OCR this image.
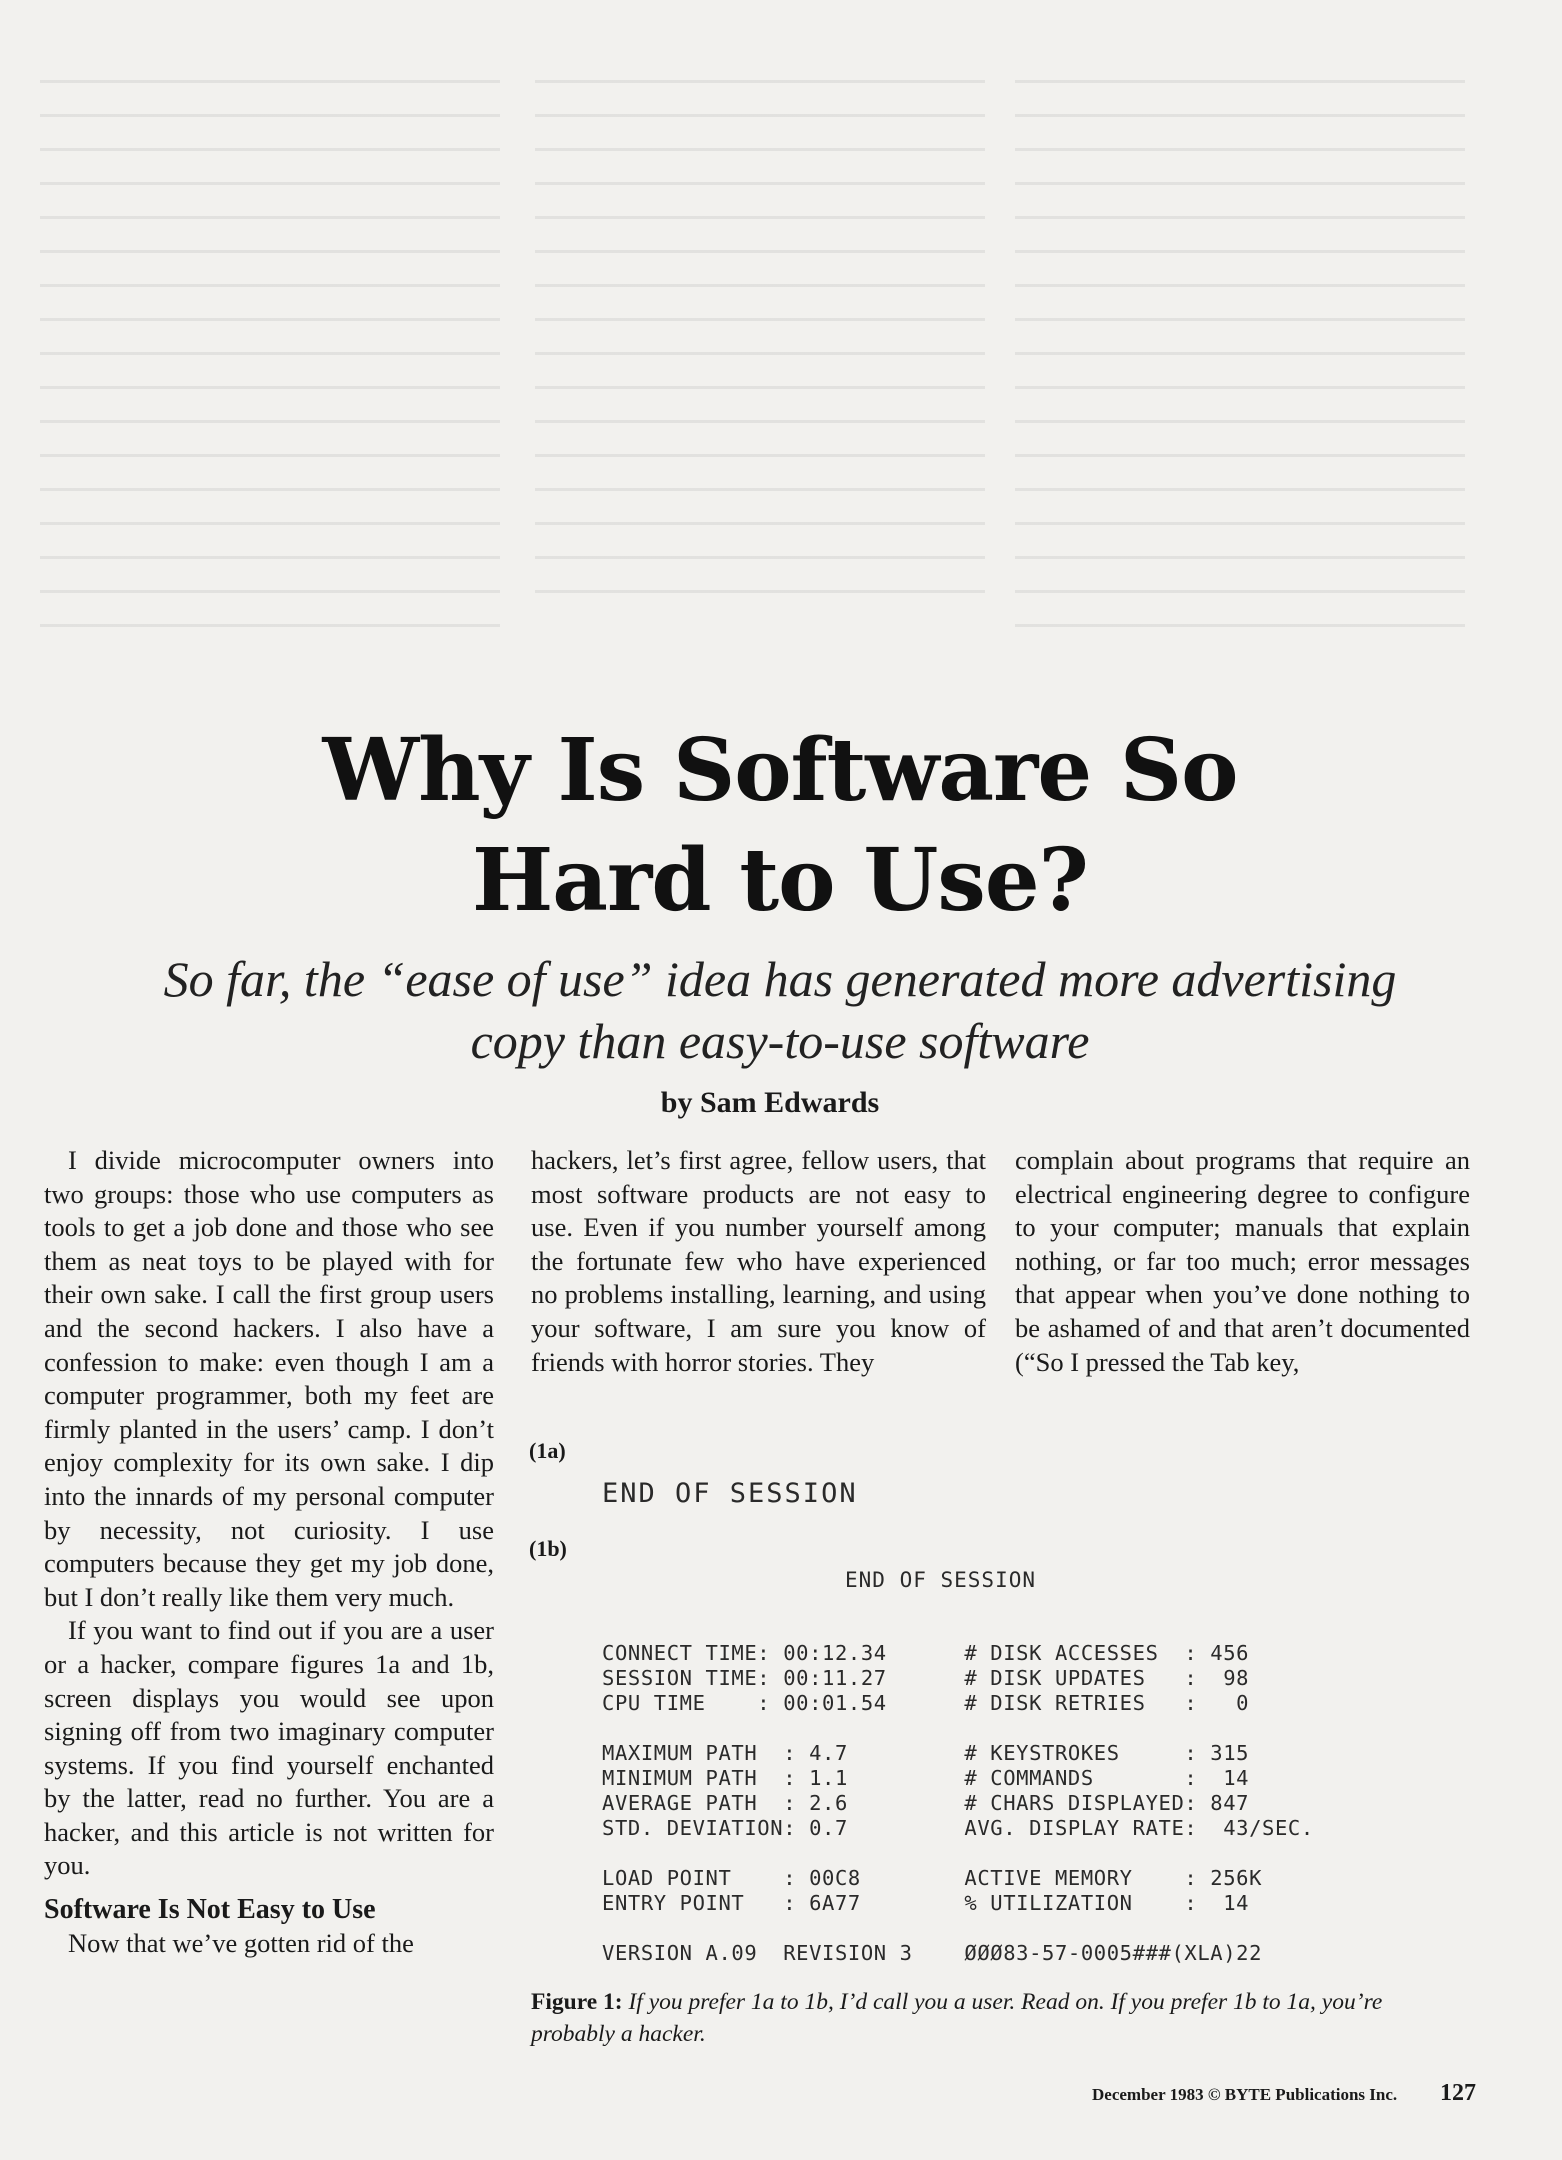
Why Is Software So
Hard to Use?
So far, the “ease of use” idea has generated more advertising
copy than easy-to-use software
by Sam Edwards

I divide microcomputer owners into two groups: those who use computers as tools to get a job done and those who see them as neat toys to be played with for their own sake. I call the first group users and the second hackers. I also have a confession to make: even though I am a computer programmer, both my feet are firmly planted in the users’ camp. I don’t enjoy complexity for its own sake. I dip into the innards of my personal computer by necessity, not curiosity. I use computers because they get my job done, but I don’t really like them very much.

If you want to find out if you are a user or a hacker, compare figures 1a and 1b, screen displays you would see upon signing off from two imaginary computer systems. If you find yourself enchanted by the latter, read no further. You are a hacker, and this article is not written for you.

Software Is Not Easy to Use

Now that we’ve gotten rid of the

hackers, let’s first agree, fellow users, that most software products are not easy to use. Even if you number yourself among the fortunate few who have experienced no problems installing, learning, and using your software, I am sure you know of friends with horror stories. They

complain about programs that require an electrical engineering degree to configure to your computer; manuals that explain nothing, or far too much; error messages that appear when you’ve done nothing to be ashamed of and that aren’t documented (“So I pressed the Tab key,

(1a)
END OF SESSION
(1b)
END OF SESSION
CONNECT TIME: 00:12.34      # DISK ACCESSES  : 456
SESSION TIME: 00:11.27      # DISK UPDATES   :  98
CPU TIME    : 00:01.54      # DISK RETRIES   :   0

MAXIMUM PATH  : 4.7         # KEYSTROKES     : 315
MINIMUM PATH  : 1.1         # COMMANDS       :  14
AVERAGE PATH  : 2.6         # CHARS DISPLAYED: 847
STD. DEVIATION: 0.7         AVG. DISPLAY RATE:  43/SEC.

LOAD POINT    : 00C8        ACTIVE MEMORY    : 256K
ENTRY POINT   : 6A77        % UTILIZATION    :  14

VERSION A.09  REVISION 3    ØØØ83-57-0005###(XLA)22

Figure 1: If you prefer 1a to 1b, I’d call you a user. Read on. If you prefer 1b to 1a, you’re probably a hacker.

December 1983 © BYTE Publications Inc. 127
